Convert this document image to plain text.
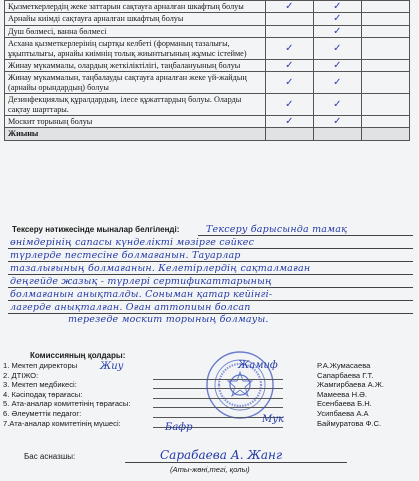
Қызметкерлердің жеке заттарын сақтауға арналған шкафтың болуы	✓	✓	
Арнайы киімді сақтауға арналған шкафтың болуы		✓	
Душ бөлмесі, ванна бөлмесі		✓	
Асхана қызметкерлерінің сыртқы келбеті (форманың тазалығы, ұқыптылығы, арнайы киімнің толық жиынтығының жұмыс істейме)	✓	✓	
Жинау мүкаммалы, олардың жеткіліктілігі, таңбалануының болуы	✓	✓	
Жинау мүкаммалын, таңбалауды сақтауға арналған жеке үй-жайдың (арнайы орындардың) болуы	✓	✓	
Дезинфекциялық құралдардың, ілесе құжаттардың болуы. Оларды сақтау шарттары.	✓	✓	
Москит торының болуы	✓	✓	
Жиыны			
Тексеру нәтижесінде мыналар белгіленді:	Тексеру барысында тамақ
өнімдерінің сапасы күнделікті мәзірге сәйкес
түрлерде пестесіне болмағанын. Тауарлар
тазалығының болмағанын. Келетірлердің сақталмаған
деңгейде жазық - түрлері сертификаттарының
болмағанын анықталды. Соныман қатар кейінгі-
лагерде анықталған. Оған аттопиын болсап
терезеде москит торының болмауы.
Комиссияның қолдары:
1. Мектеп директоры	Р.А.Жумасаева
2. ДТІЖО:	Сапарбаева Г.Т.
3. Мектеп медбикесі:	Жамгирбаева А.Ж.
4. Кәсіподақ төрағасы:	Мамеева Н.Ә.
5. Ата-аналар комитетінің төрағасы:	Есенбаева Б.Н.
6. Әлеуметтік педагог:	Усипбаева А.А
7.Ата-аналар комитетінің мүшесі:	Баймуратова Ф.С.
Жиу	Жамиф
Бафр
Мук
Бас асназшы:	Сарабаева А. Жанг
(Аты-жөні,тегі, қолы)
